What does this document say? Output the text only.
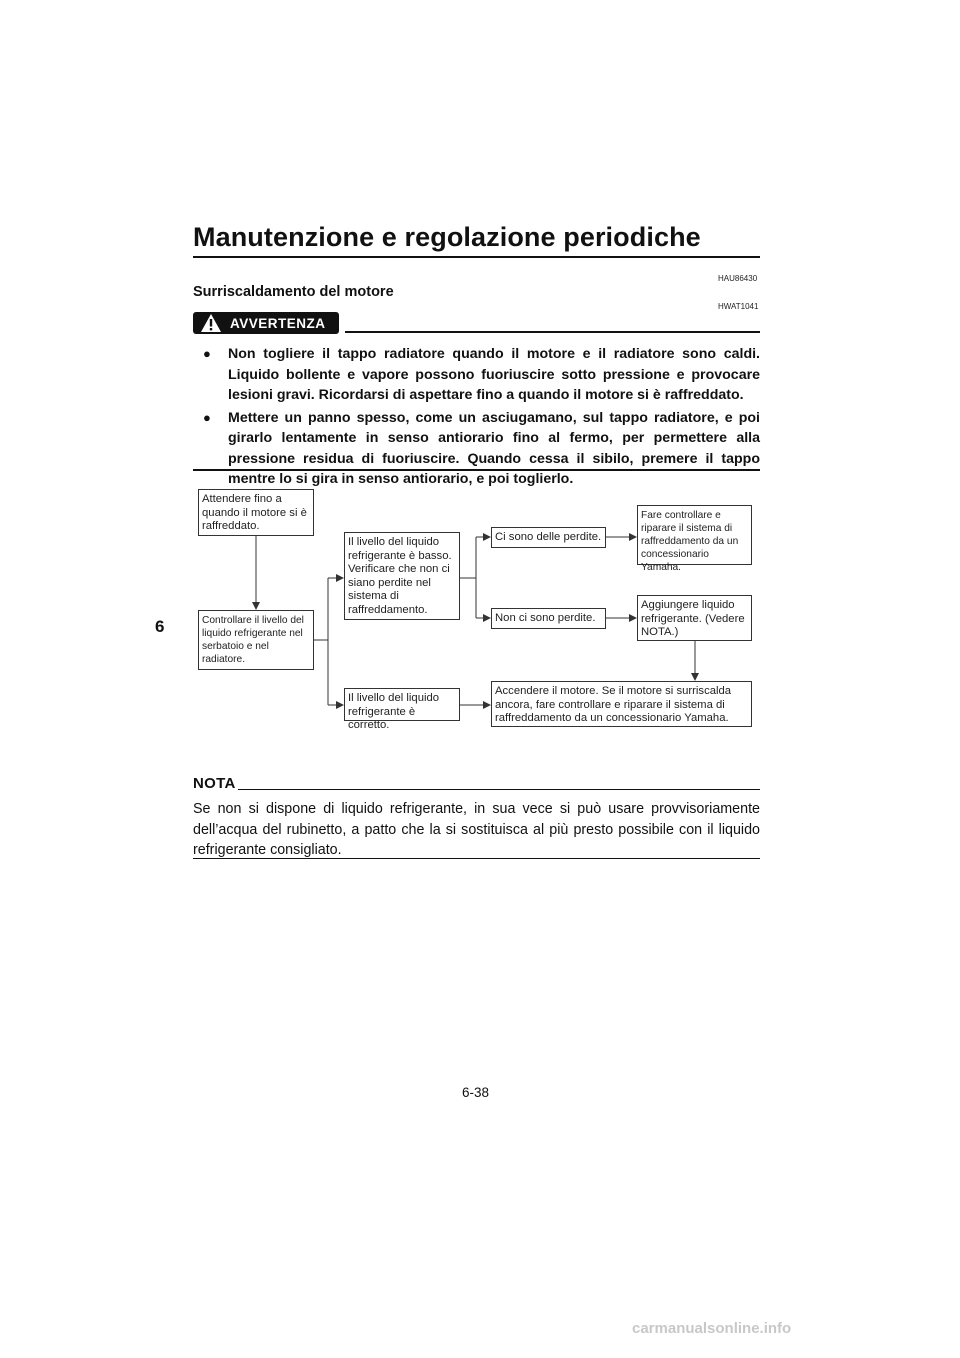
Manutenzione e regolazione periodiche
6
HAU86430
Surriscaldamento del motore
HWAT1041
AVVERTENZA
● Non togliere il tappo radiatore quando il motore e il radiatore sono caldi. Liquido bollente e vapore possono fuoriuscire sotto pressione e provocare lesioni gravi. Ricordarsi di aspettare fino a quando il motore si è raffreddato.
● Mettere un panno spesso, come un asciugamano, sul tappo radiatore, e poi girarlo lentamente in senso antiorario fino al fermo, per permettere alla pressione residua di fuoriuscire. Quando cessa il sibilo, premere il tappo mentre lo si gira in senso antiorario, e poi toglierlo.
Attendere fino a quando il motore si è raffreddato.
Controllare il livello del liquido refrigerante nel serbatoio e nel radiatore.
Il livello del liquido refrigerante è basso. Verificare che non ci siano perdite nel sistema di raffreddamento.
Il livello del liquido refrigerante è corretto.
Ci sono delle perdite.
Non ci sono perdite.
Fare controllare e riparare il sistema di raffreddamento da un concessionario Yamaha.
Aggiungere liquido refrigerante. (Vedere NOTA.)
Accendere il motore. Se il motore si surriscalda ancora, fare controllare e riparare il sistema di raffreddamento da un concessionario Yamaha.
NOTA
Se non si dispone di liquido refrigerante, in sua vece si può usare provvisoriamente dell’acqua del rubinetto, a patto che la si sostituisca al più presto possibile con il liquido refrigerante consigliato.
6-38
carmanualsonline.info
